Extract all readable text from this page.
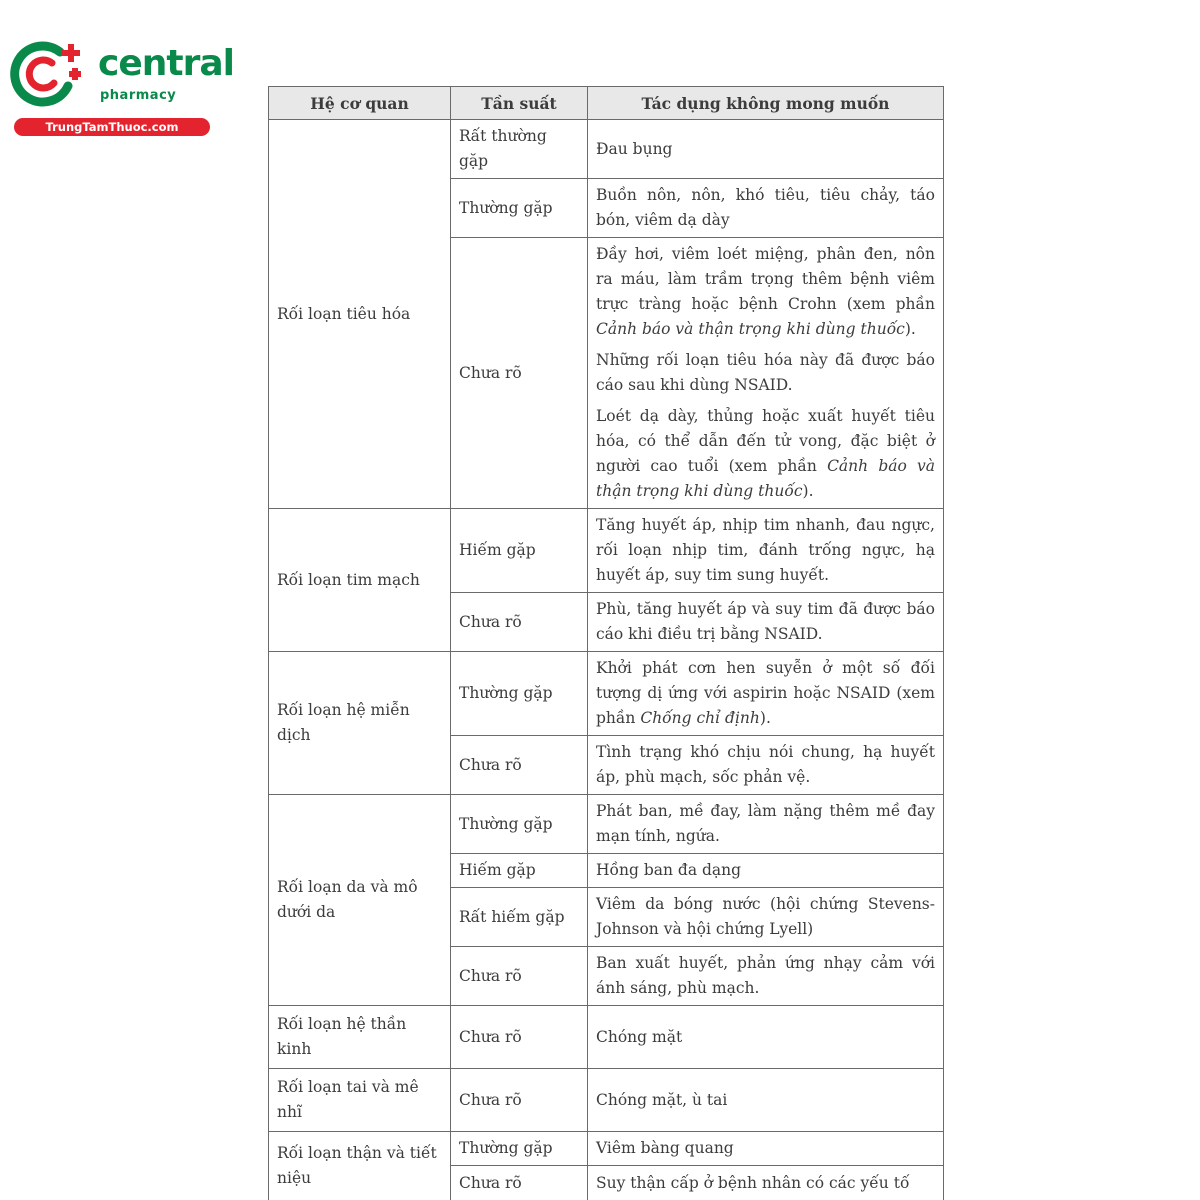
central
pharmacy
TrungTamThuoc.com
Hệ cơ quan	Tần suất	Tác dụng không mong muốn
Rối loạn tiêu hóa	Rất thường gặp	Đau bụng

	Thường gặp	Buồn nôn, nôn, khó tiêu, tiêu chảy, táo bón, viêm dạ dày

	Chưa rõ	Đầy hơi, viêm loét miệng, phân đen, nôn ra máu, làm trầm trọng thêm bệnh viêm trực tràng hoặc bệnh Crohn (xem phần Cảnh báo và thận trọng khi dùng thuốc).

Những rối loạn tiêu hóa này đã được báo cáo sau khi dùng NSAID.

Loét dạ dày, thủng hoặc xuất huyết tiêu hóa, có thể dẫn đến tử vong, đặc biệt ở người cao tuổi (xem phần Cảnh báo và thận trọng khi dùng thuốc).

Rối loạn tim mạch	Hiếm gặp	Tăng huyết áp, nhịp tim nhanh, đau ngực, rối loạn nhịp tim, đánh trống ngực, hạ huyết áp, suy tim sung huyết.

	Chưa rõ	Phù, tăng huyết áp và suy tim đã được báo cáo khi điều trị bằng NSAID.

Rối loạn hệ miễn dịch	Thường gặp	Khởi phát cơn hen suyễn ở một số đối tượng dị ứng với aspirin hoặc NSAID (xem phần Chống chỉ định).

	Chưa rõ	Tình trạng khó chịu nói chung, hạ huyết áp, phù mạch, sốc phản vệ.

Rối loạn da và mô dưới da	Thường gặp	Phát ban, mề đay, làm nặng thêm mề đay mạn tính, ngứa.

	Hiếm gặp	Hồng ban đa dạng

	Rất hiếm gặp	Viêm da bóng nước (hội chứng Stevens-Johnson và hội chứng Lyell)

	Chưa rõ	Ban xuất huyết, phản ứng nhạy cảm với ánh sáng, phù mạch.

Rối loạn hệ thần kinh	Chưa rõ	Chóng mặt

Rối loạn tai và mê nhĩ	Chưa rõ	Chóng mặt, ù tai

Rối loạn thận và tiết niệu	Thường gặp	Viêm bàng quang

	Chưa rõ	Suy thận cấp ở bệnh nhân có các yếu tố
